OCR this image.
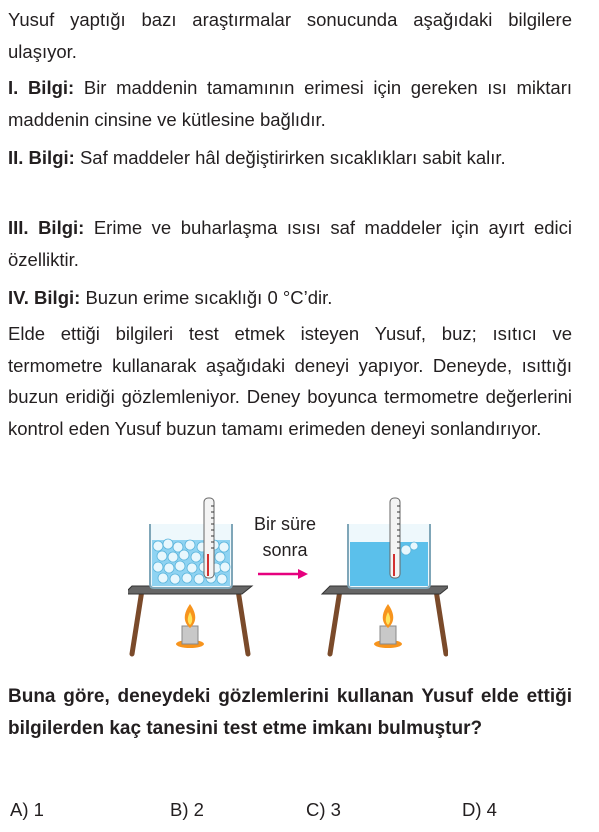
Yusuf yaptığı bazı araştırmalar sonucunda aşağıdaki bilgilere ulaşıyor.
I. Bilgi: Bir maddenin tamamının erimesi için gereken ısı miktarı maddenin cinsine ve kütlesine bağlıdır.
II. Bilgi: Saf maddeler hâl değiştirirken sıcaklıkları sabit kalır.
III. Bilgi: Erime ve buharlaşma ısısı saf maddeler için ayırt edici özelliktir.
IV. Bilgi: Buzun erime sıcaklığı 0 °C’dir.
Elde ettiği bilgileri test etmek isteyen Yusuf, buz; ısıtıcı ve termometre kullanarak aşağıdaki deneyi yapıyor. Deneyde, ısıttığı buzun eridiği gözlemleniyor. Deney boyunca termometre değerlerini kontrol eden Yusuf buzun tamamı erimeden deneyi sonlandırıyor.
Bir süre
sonra
Buna göre, deneydeki gözlemlerini kullanan Yusuf elde ettiği bilgilerden kaç tanesini test etme imkanı bulmuştur?
A) 1	B) 2	C) 3	D) 4
